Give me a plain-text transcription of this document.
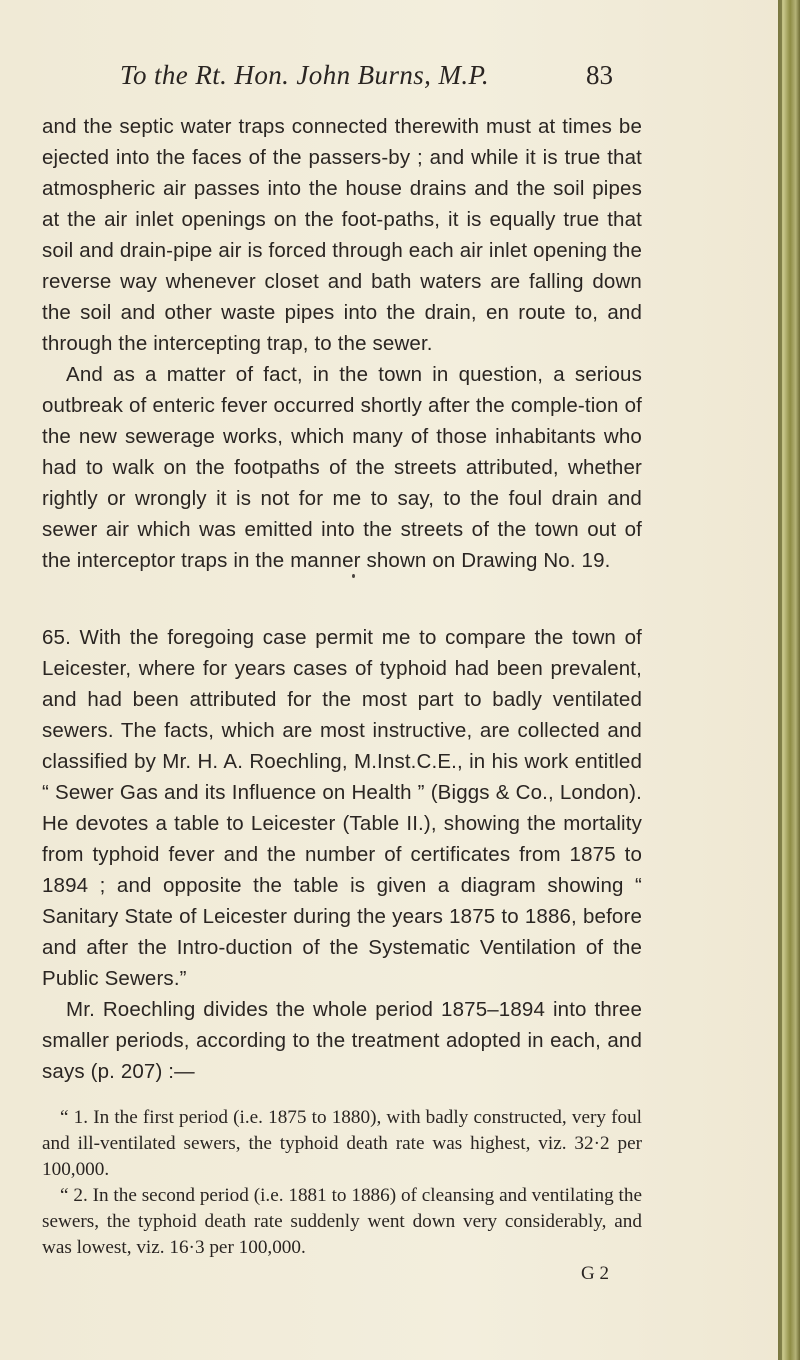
To the Rt. Hon. John Burns, M.P.	83

and the septic water traps connected therewith must at times be ejected into the faces of the passers-by ; and while it is true that atmospheric air passes into the house drains and the soil pipes at the air inlet openings on the foot-paths, it is equally true that soil and drain-pipe air is forced through each air inlet opening the reverse way whenever closet and bath waters are falling down the soil and other waste pipes into the drain, en route to, and through the intercepting trap, to the sewer.

And as a matter of fact, in the town in question, a serious outbreak of enteric fever occurred shortly after the comple-tion of the new sewerage works, which many of those inhabitants who had to walk on the footpaths of the streets attributed, whether rightly or wrongly it is not for me to say, to the foul drain and sewer air which was emitted into the streets of the town out of the interceptor traps in the manner shown on Drawing No. 19.

65. With the foregoing case permit me to compare the town of Leicester, where for years cases of typhoid had been prevalent, and had been attributed for the most part to badly ventilated sewers. The facts, which are most instructive, are collected and classified by Mr. H. A. Roechling, M.Inst.C.E., in his work entitled “ Sewer Gas and its Influence on Health ” (Biggs & Co., London). He devotes a table to Leicester (Table II.), showing the mortality from typhoid fever and the number of certificates from 1875 to 1894 ; and opposite the table is given a diagram showing “ Sanitary State of Leicester during the years 1875 to 1886, before and after the Intro-duction of the Systematic Ventilation of the Public Sewers.”

Mr. Roechling divides the whole period 1875–1894 into three smaller periods, according to the treatment adopted in each, and says (p. 207) :—

“ 1. In the first period (i.e. 1875 to 1880), with badly constructed, very foul and ill-ventilated sewers, the typhoid death rate was highest, viz. 32·2 per 100,000.

“ 2. In the second period (i.e. 1881 to 1886) of cleansing and ventilating the sewers, the typhoid death rate suddenly went down very considerably, and was lowest, viz. 16·3 per 100,000.

G 2
